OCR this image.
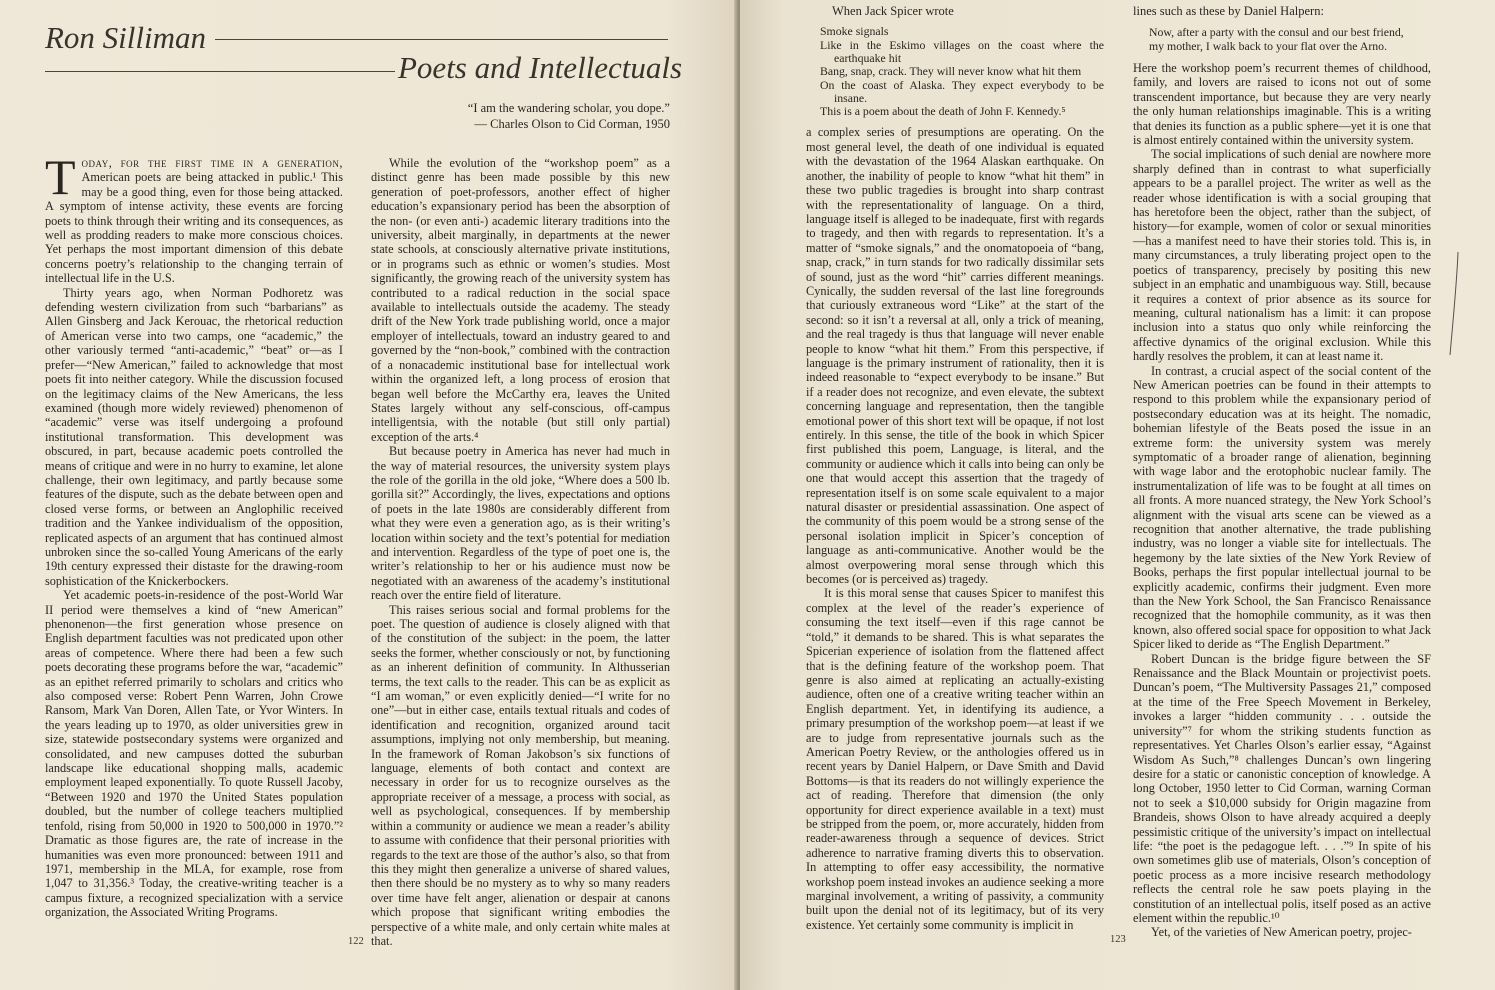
Ron Silliman
Poets and Intellectuals
“I am the wandering scholar, you dope.”
— Charles Olson to Cid Corman, 1950

Today, for the first time in a generation, American poets are being attacked in public.¹ This may be a good thing, even for those being attacked. A symptom of intense activity, these events are forcing poets to think through their writing and its consequences, as well as prodding readers to make more conscious choices. Yet perhaps the most important dimension of this debate concerns poetry’s relationship to the changing terrain of intellectual life in the U.S.

Thirty years ago, when Norman Podhoretz was defending western civilization from such “barbarians” as Allen Ginsberg and Jack Kerouac, the rhetorical reduction of American verse into two camps, one “academic,” the other variously termed “anti-academic,” “beat” or—as I prefer—“New American,” failed to acknowledge that most poets fit into neither category. While the discussion focused on the legitimacy claims of the New Americans, the less examined (though more widely reviewed) phenomenon of “academic” verse was itself undergoing a profound institutional transformation. This development was obscured, in part, because academic poets controlled the means of critique and were in no hurry to examine, let alone challenge, their own legitimacy, and partly because some features of the dispute, such as the debate between open and closed verse forms, or between an Anglophilic received tradition and the Yankee individualism of the opposition, replicated aspects of an argument that has continued almost unbroken since the so-called Young Americans of the early 19th century expressed their distaste for the drawing-room sophistication of the Knickerbockers.

Yet academic poets-in-residence of the post-World War II period were themselves a kind of “new American” phenonenon—the first generation whose presence on English department faculties was not predicated upon other areas of competence. Where there had been a few such poets decorating these programs before the war, “academic” as an epithet referred primarily to scholars and critics who also composed verse: Robert Penn Warren, John Crowe Ransom, Mark Van Doren, Allen Tate, or Yvor Winters. In the years leading up to 1970, as older universities grew in size, statewide postsecondary systems were organized and consolidated, and new campuses dotted the suburban landscape like educational shopping malls, academic employment leaped exponentially. To quote Russell Jacoby, “Between 1920 and 1970 the United States population doubled, but the number of college teachers multiplied tenfold, rising from 50,000 in 1920 to 500,000 in 1970.”² Dramatic as those figures are, the rate of increase in the humanities was even more pronounced: between 1911 and 1971, membership in the MLA, for example, rose from 1,047 to 31,356.³ Today, the creative-writing teacher is a campus fixture, a recognized specialization with a service organization, the Associated Writing Programs.

While the evolution of the “workshop poem” as a distinct genre has been made possible by this new generation of poet-professors, another effect of higher education’s expansionary period has been the absorption of the non- (or even anti-) academic literary traditions into the university, albeit marginally, in departments at the newer state schools, at consciously alternative private institutions, or in programs such as ethnic or women’s studies. Most significantly, the growing reach of the university system has contributed to a radical reduction in the social space available to intellectuals outside the academy. The steady drift of the New York trade publishing world, once a major employer of intellectuals, toward an industry geared to and governed by the “non-book,” combined with the contraction of a nonacademic institutional base for intellectual work within the organized left, a long process of erosion that began well before the McCarthy era, leaves the United States largely without any self-conscious, off-campus intelligentsia, with the notable (but still only partial) exception of the arts.⁴

But because poetry in America has never had much in the way of material resources, the university system plays the role of the gorilla in the old joke, “Where does a 500 lb. gorilla sit?” Accordingly, the lives, expectations and options of poets in the late 1980s are considerably different from what they were even a generation ago, as is their writing’s location within society and the text’s potential for mediation and intervention. Regardless of the type of poet one is, the writer’s relationship to her or his audience must now be negotiated with an awareness of the academy’s institutional reach over the entire field of literature.

This raises serious social and formal problems for the poet. The question of audience is closely aligned with that of the constitution of the subject: in the poem, the latter seeks the former, whether consciously or not, by functioning as an inherent definition of community. In Althusserian terms, the text calls to the reader. This can be as explicit as “I am woman,” or even explicitly denied—“I write for no one”—but in either case, entails textual rituals and codes of identification and recognition, organized around tacit assumptions, implying not only membership, but meaning. In the framework of Roman Jakobson’s six functions of language, elements of both contact and context are necessary in order for us to recognize ourselves as the appropriate receiver of a message, a process with social, as well as psychological, consequences. If by membership within a community or audience we mean a reader’s ability to assume with confidence that their personal priorities with regards to the text are those of the author’s also, so that from this they might then generalize a universe of shared values, then there should be no mystery as to why so many readers over time have felt anger, alienation or despair at canons which propose that significant writing embodies the perspective of a white male, and only certain white males at that.

122

When Jack Spicer wrote

Smoke signals
Like in the Eskimo villages on the coast where the earthquake hit
Bang, snap, crack. They will never know what hit them
On the coast of Alaska. They expect everybody to be insane.
This is a poem about the death of John F. Kennedy.⁵

a complex series of presumptions are operating. On the most general level, the death of one individual is equated with the devastation of the 1964 Alaskan earthquake. On another, the inability of people to know “what hit them” in these two public tragedies is brought into sharp contrast with the representationality of language. On a third, language itself is alleged to be inadequate, first with regards to tragedy, and then with regards to representation. It’s a matter of “smoke signals,” and the onomatopoeia of “bang, snap, crack,” in turn stands for two radically dissimilar sets of sound, just as the word “hit” carries different meanings. Cynically, the sudden reversal of the last line foregrounds that curiously extraneous word “Like” at the start of the second: so it isn’t a reversal at all, only a trick of meaning, and the real tragedy is thus that language will never enable people to know “what hit them.” From this perspective, if language is the primary instrument of rationality, then it is indeed reasonable to “expect everybody to be insane.” But if a reader does not recognize, and even elevate, the subtext concerning language and representation, then the tangible emotional power of this short text will be opaque, if not lost entirely. In this sense, the title of the book in which Spicer first published this poem, Language, is literal, and the community or audience which it calls into being can only be one that would accept this assertion that the tragedy of representation itself is on some scale equivalent to a major natural disaster or presidential assassination. One aspect of the community of this poem would be a strong sense of the personal isolation implicit in Spicer’s conception of language as anti-communicative. Another would be the almost overpowering moral sense through which this becomes (or is perceived as) tragedy.

It is this moral sense that causes Spicer to manifest this complex at the level of the reader’s experience of consuming the text itself—even if this rage cannot be “told,” it demands to be shared. This is what separates the Spicerian experience of isolation from the flattened affect that is the defining feature of the workshop poem. That genre is also aimed at replicating an actually-existing audience, often one of a creative writing teacher within an English department. Yet, in identifying its audience, a primary presumption of the workshop poem—at least if we are to judge from representative journals such as the American Poetry Review, or the anthologies offered us in recent years by Daniel Halpern, or Dave Smith and David Bottoms—is that its readers do not willingly experience the act of reading. Therefore that dimension (the only opportunity for direct experience available in a text) must be stripped from the poem, or, more accurately, hidden from reader-awareness through a sequence of devices. Strict adherence to narrative framing diverts this to observation. In attempting to offer easy accessibility, the normative workshop poem instead invokes an audience seeking a more marginal involvement, a writing of passivity, a community built upon the denial not of its legitimacy, but of its very existence. Yet certainly some community is implicit in

lines such as these by Daniel Halpern:

Now, after a party with the consul and our best friend,
my mother, I walk back to your flat over the Arno.

Here the workshop poem’s recurrent themes of childhood, family, and lovers are raised to icons not out of some transcendent importance, but because they are very nearly the only human relationships imaginable. This is a writing that denies its function as a public sphere—yet it is one that is almost entirely contained within the university system.

The social implications of such denial are nowhere more sharply defined than in contrast to what superficially appears to be a parallel project. The writer as well as the reader whose identification is with a social grouping that has heretofore been the object, rather than the subject, of history—for example, women of color or sexual minorities—has a manifest need to have their stories told. This is, in many circumstances, a truly liberating project open to the poetics of transparency, precisely by positing this new subject in an emphatic and unambiguous way. Still, because it requires a context of prior absence as its source for meaning, cultural nationalism has a limit: it can propose inclusion into a status quo only while reinforcing the affective dynamics of the original exclusion. While this hardly resolves the problem, it can at least name it.

In contrast, a crucial aspect of the social content of the New American poetries can be found in their attempts to respond to this problem while the expansionary period of postsecondary education was at its height. The nomadic, bohemian lifestyle of the Beats posed the issue in an extreme form: the university system was merely symptomatic of a broader range of alienation, beginning with wage labor and the erotophobic nuclear family. The instrumentalization of life was to be fought at all times on all fronts. A more nuanced strategy, the New York School’s alignment with the visual arts scene can be viewed as a recognition that another alternative, the trade publishing industry, was no longer a viable site for intellectuals. The hegemony by the late sixties of the New York Review of Books, perhaps the first popular intellectual journal to be explicitly academic, confirms their judgment. Even more than the New York School, the San Francisco Renaissance recognized that the homophile community, as it was then known, also offered social space for opposition to what Jack Spicer liked to deride as “The English Department.”

Robert Duncan is the bridge figure between the SF Renaissance and the Black Mountain or projectivist poets. Duncan’s poem, “The Multiversity Passages 21,” composed at the time of the Free Speech Movement in Berkeley, invokes a larger “hidden community . . . outside the university”⁷ for whom the striking students function as representatives. Yet Charles Olson’s earlier essay, “Against Wisdom As Such,”⁸ challenges Duncan’s own lingering desire for a static or canonistic conception of knowledge. A long October, 1950 letter to Cid Corman, warning Corman not to seek a $10,000 subsidy for Origin magazine from Brandeis, shows Olson to have already acquired a deeply pessimistic critique of the university’s impact on intellectual life: “the poet is the pedagogue left. . . .”⁹ In spite of his own sometimes glib use of materials, Olson’s conception of poetic process as a more incisive research methodology reflects the central role he saw poets playing in the constitution of an intellectual polis, itself posed as an active element within the republic.¹⁰

Yet, of the varieties of New American poetry, projec-

123
